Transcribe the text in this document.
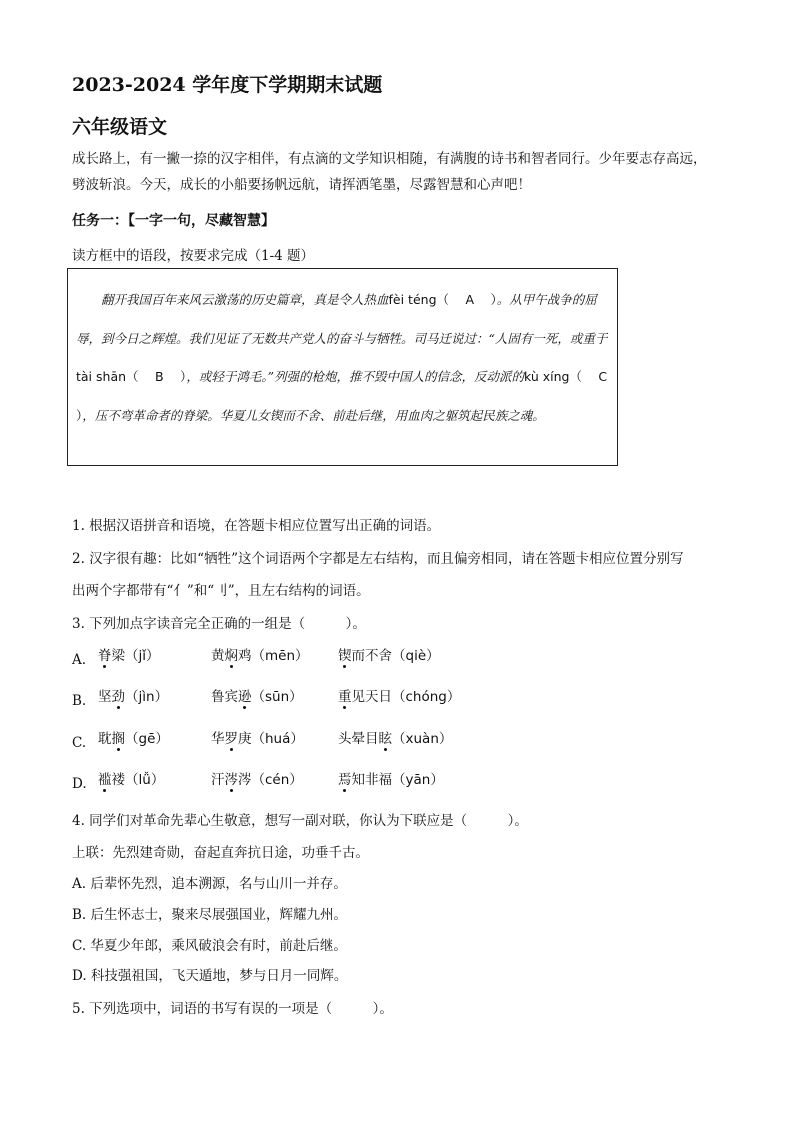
2023-2024 学年度下学期期末试题
六年级语文
成长路上，有一撇一捺的汉字相伴，有点滴的文学知识相随，有满腹的诗书和智者同行。少年要志存高远，
劈波斩浪。今天，成长的小船要扬帆远航，请挥洒笔墨，尽露智慧和心声吧！
任务一：【一字一句，尽藏智慧】
读方框中的语段，按要求完成（1-4 题）

翻开我国百年来风云激荡的历史篇章，真是令人热血fèi téng（　 A　 ）。从甲午战争的屈辱，到今日之辉煌。我们见证了无数共产党人的奋斗与牺牲。司马迁说过：“人固有一死，或重于tài shān（　 B　 ），或轻于鸿毛。”列强的枪炮，推不毁中国人的信念，反动派的kù xíng（　 C　 ），压不弯革命者的脊梁。华夏儿女锲而不舍、前赴后继，用血肉之躯筑起民族之魂。

1. 根据汉语拼音和语境，在答题卡相应位置写出正确的词语。
2. 汉字很有趣：比如“牺牲”这个词语两个字都是左右结构，而且偏旁相同，请在答题卡相应位置分别写
出两个字都带有“亻”和“刂”，且左右结构的词语。
3. 下列加点字读音完全正确的一组是（　　　）。
A. 脊梁（jǐ）	黄焖鸡（mēn） 锲而不舍（qiè）
B. 坚劲（jìn）	鲁宾逊（sūn）	重见天日（chóng）
C. 耽搁（gē）	华罗庚（huá）	头晕目眩（xuàn）
D. 褴褛（lǚ）	汗涔涔（cén）	焉知非福（yān）
4. 同学们对革命先辈心生敬意，想写一副对联，你认为下联应是（　　　）。
上联：先烈建奇勋，奋起直奔抗日途，功垂千古。
A. 后辈怀先烈，追本溯源，名与山川一并存。
B. 后生怀志士，聚来尽展强国业，辉耀九州。
C. 华夏少年郎，乘风破浪会有时，前赴后继。
D. 科技强祖国，飞天遁地，梦与日月一同辉。
5. 下列选项中，词语的书写有误的一项是（　　　）。
